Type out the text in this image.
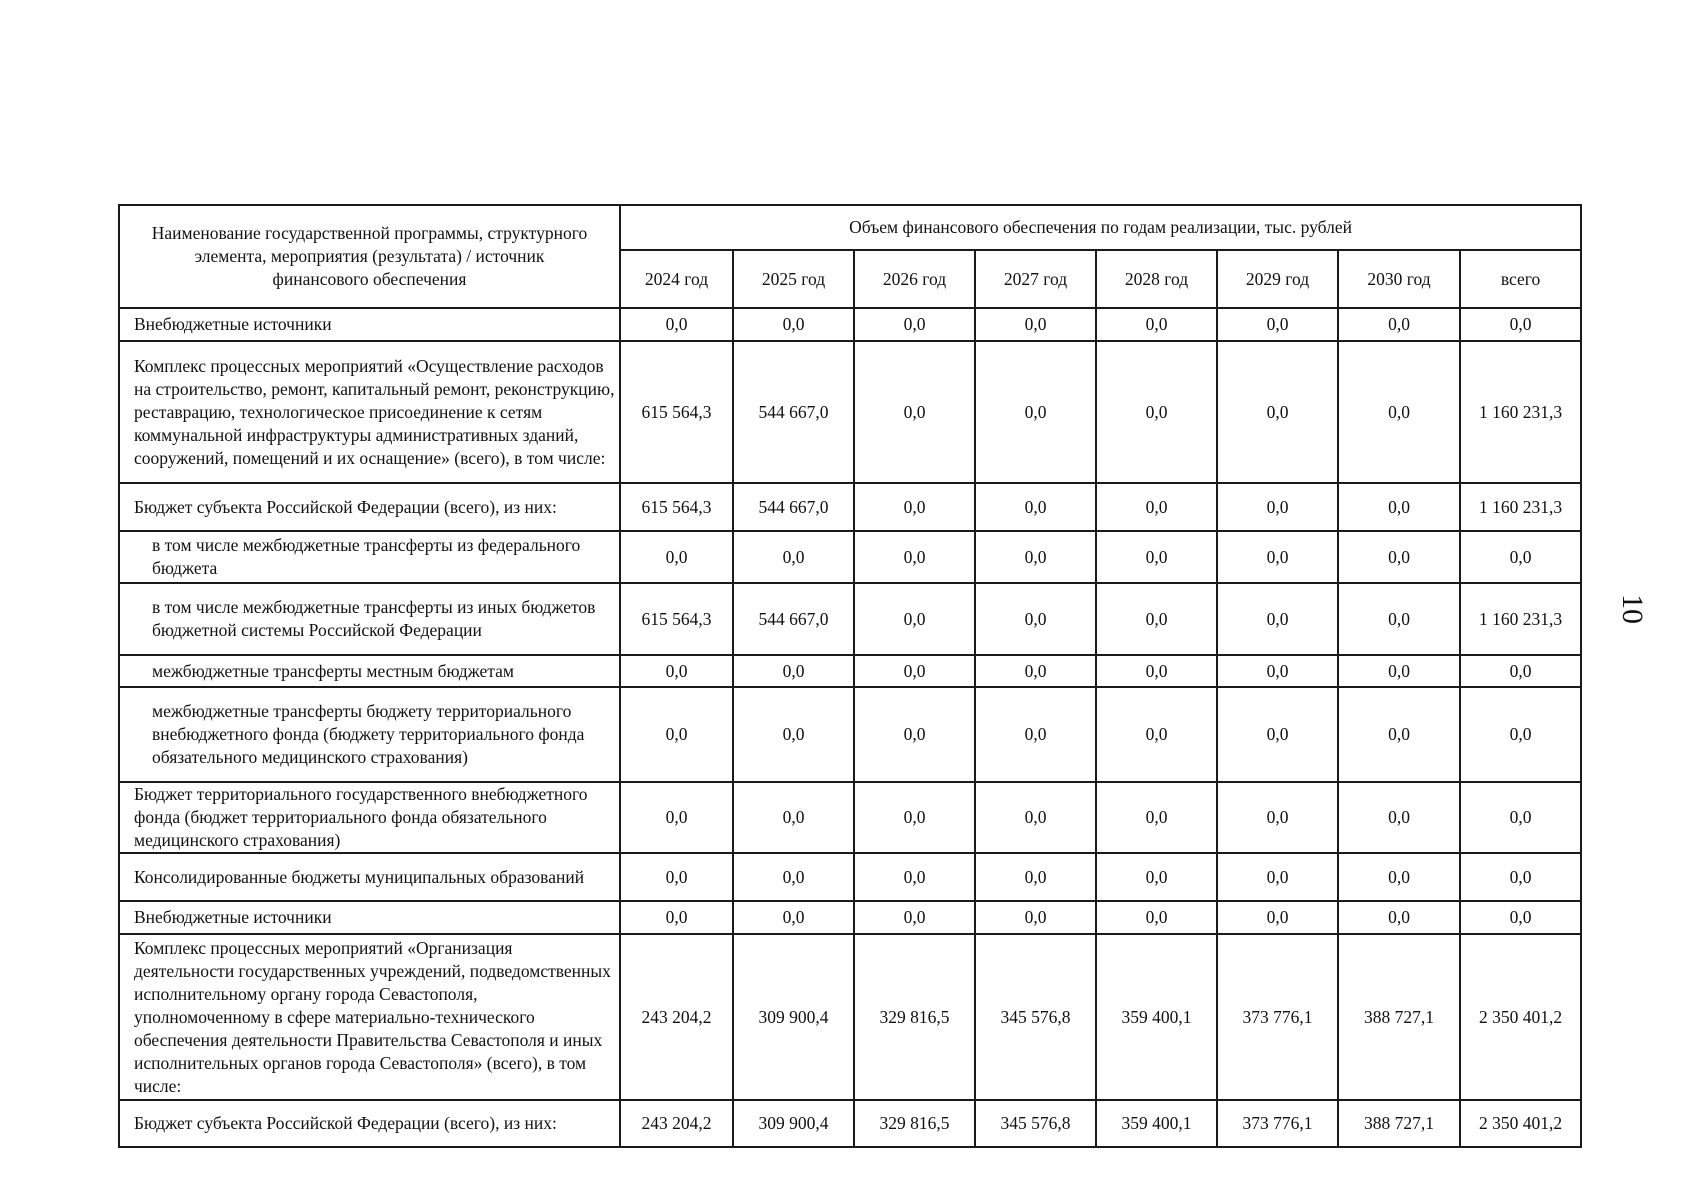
Наименование государственной программы, структурного элемента, мероприятия (результата) / источник финансового обеспечения	Объем финансового обеспечения по годам реализации, тыс. рублей							
	2024 год	2025 год	2026 год	2027 год	2028 год	2029 год	2030 год	всего
Внебюджетные источники	0,0	0,0	0,0	0,0	0,0	0,0	0,0	0,0
Комплекс процессных мероприятий «Осуществление расходов на строительство, ремонт, капитальный ремонт, реконструкцию, реставрацию, технологическое присоединение к сетям коммунальной инфраструктуры административных зданий, сооружений, помещений и их оснащение» (всего), в том числе:	615 564,3	544 667,0	0,0	0,0	0,0	0,0	0,0	1 160 231,3
Бюджет субъекта Российской Федерации (всего), из них:	615 564,3	544 667,0	0,0	0,0	0,0	0,0	0,0	1 160 231,3
в том числе межбюджетные трансферты из федерального бюджета	0,0	0,0	0,0	0,0	0,0	0,0	0,0	0,0
в том числе межбюджетные трансферты из иных бюджетов бюджетной системы Российской Федерации	615 564,3	544 667,0	0,0	0,0	0,0	0,0	0,0	1 160 231,3
межбюджетные трансферты местным бюджетам	0,0	0,0	0,0	0,0	0,0	0,0	0,0	0,0
межбюджетные трансферты бюджету территориального внебюджетного фонда (бюджету территориального фонда обязательного медицинского страхования)	0,0	0,0	0,0	0,0	0,0	0,0	0,0	0,0
Бюджет территориального государственного внебюджетного фонда (бюджет территориального фонда обязательного медицинского страхования)	0,0	0,0	0,0	0,0	0,0	0,0	0,0	0,0
Консолидированные бюджеты муниципальных образований	0,0	0,0	0,0	0,0	0,0	0,0	0,0	0,0
Внебюджетные источники	0,0	0,0	0,0	0,0	0,0	0,0	0,0	0,0
Комплекс процессных мероприятий «Организация деятельности государственных учреждений, подведомственных исполнительному органу города Севастополя, уполномоченному в сфере материально-технического обеспечения деятельности Правительства Севастополя и иных исполнительных органов города Севастополя» (всего), в том числе:	243 204,2	309 900,4	329 816,5	345 576,8	359 400,1	373 776,1	388 727,1	2 350 401,2
Бюджет субъекта Российской Федерации (всего), из них:	243 204,2	309 900,4	329 816,5	345 576,8	359 400,1	373 776,1	388 727,1	2 350 401,2
10
